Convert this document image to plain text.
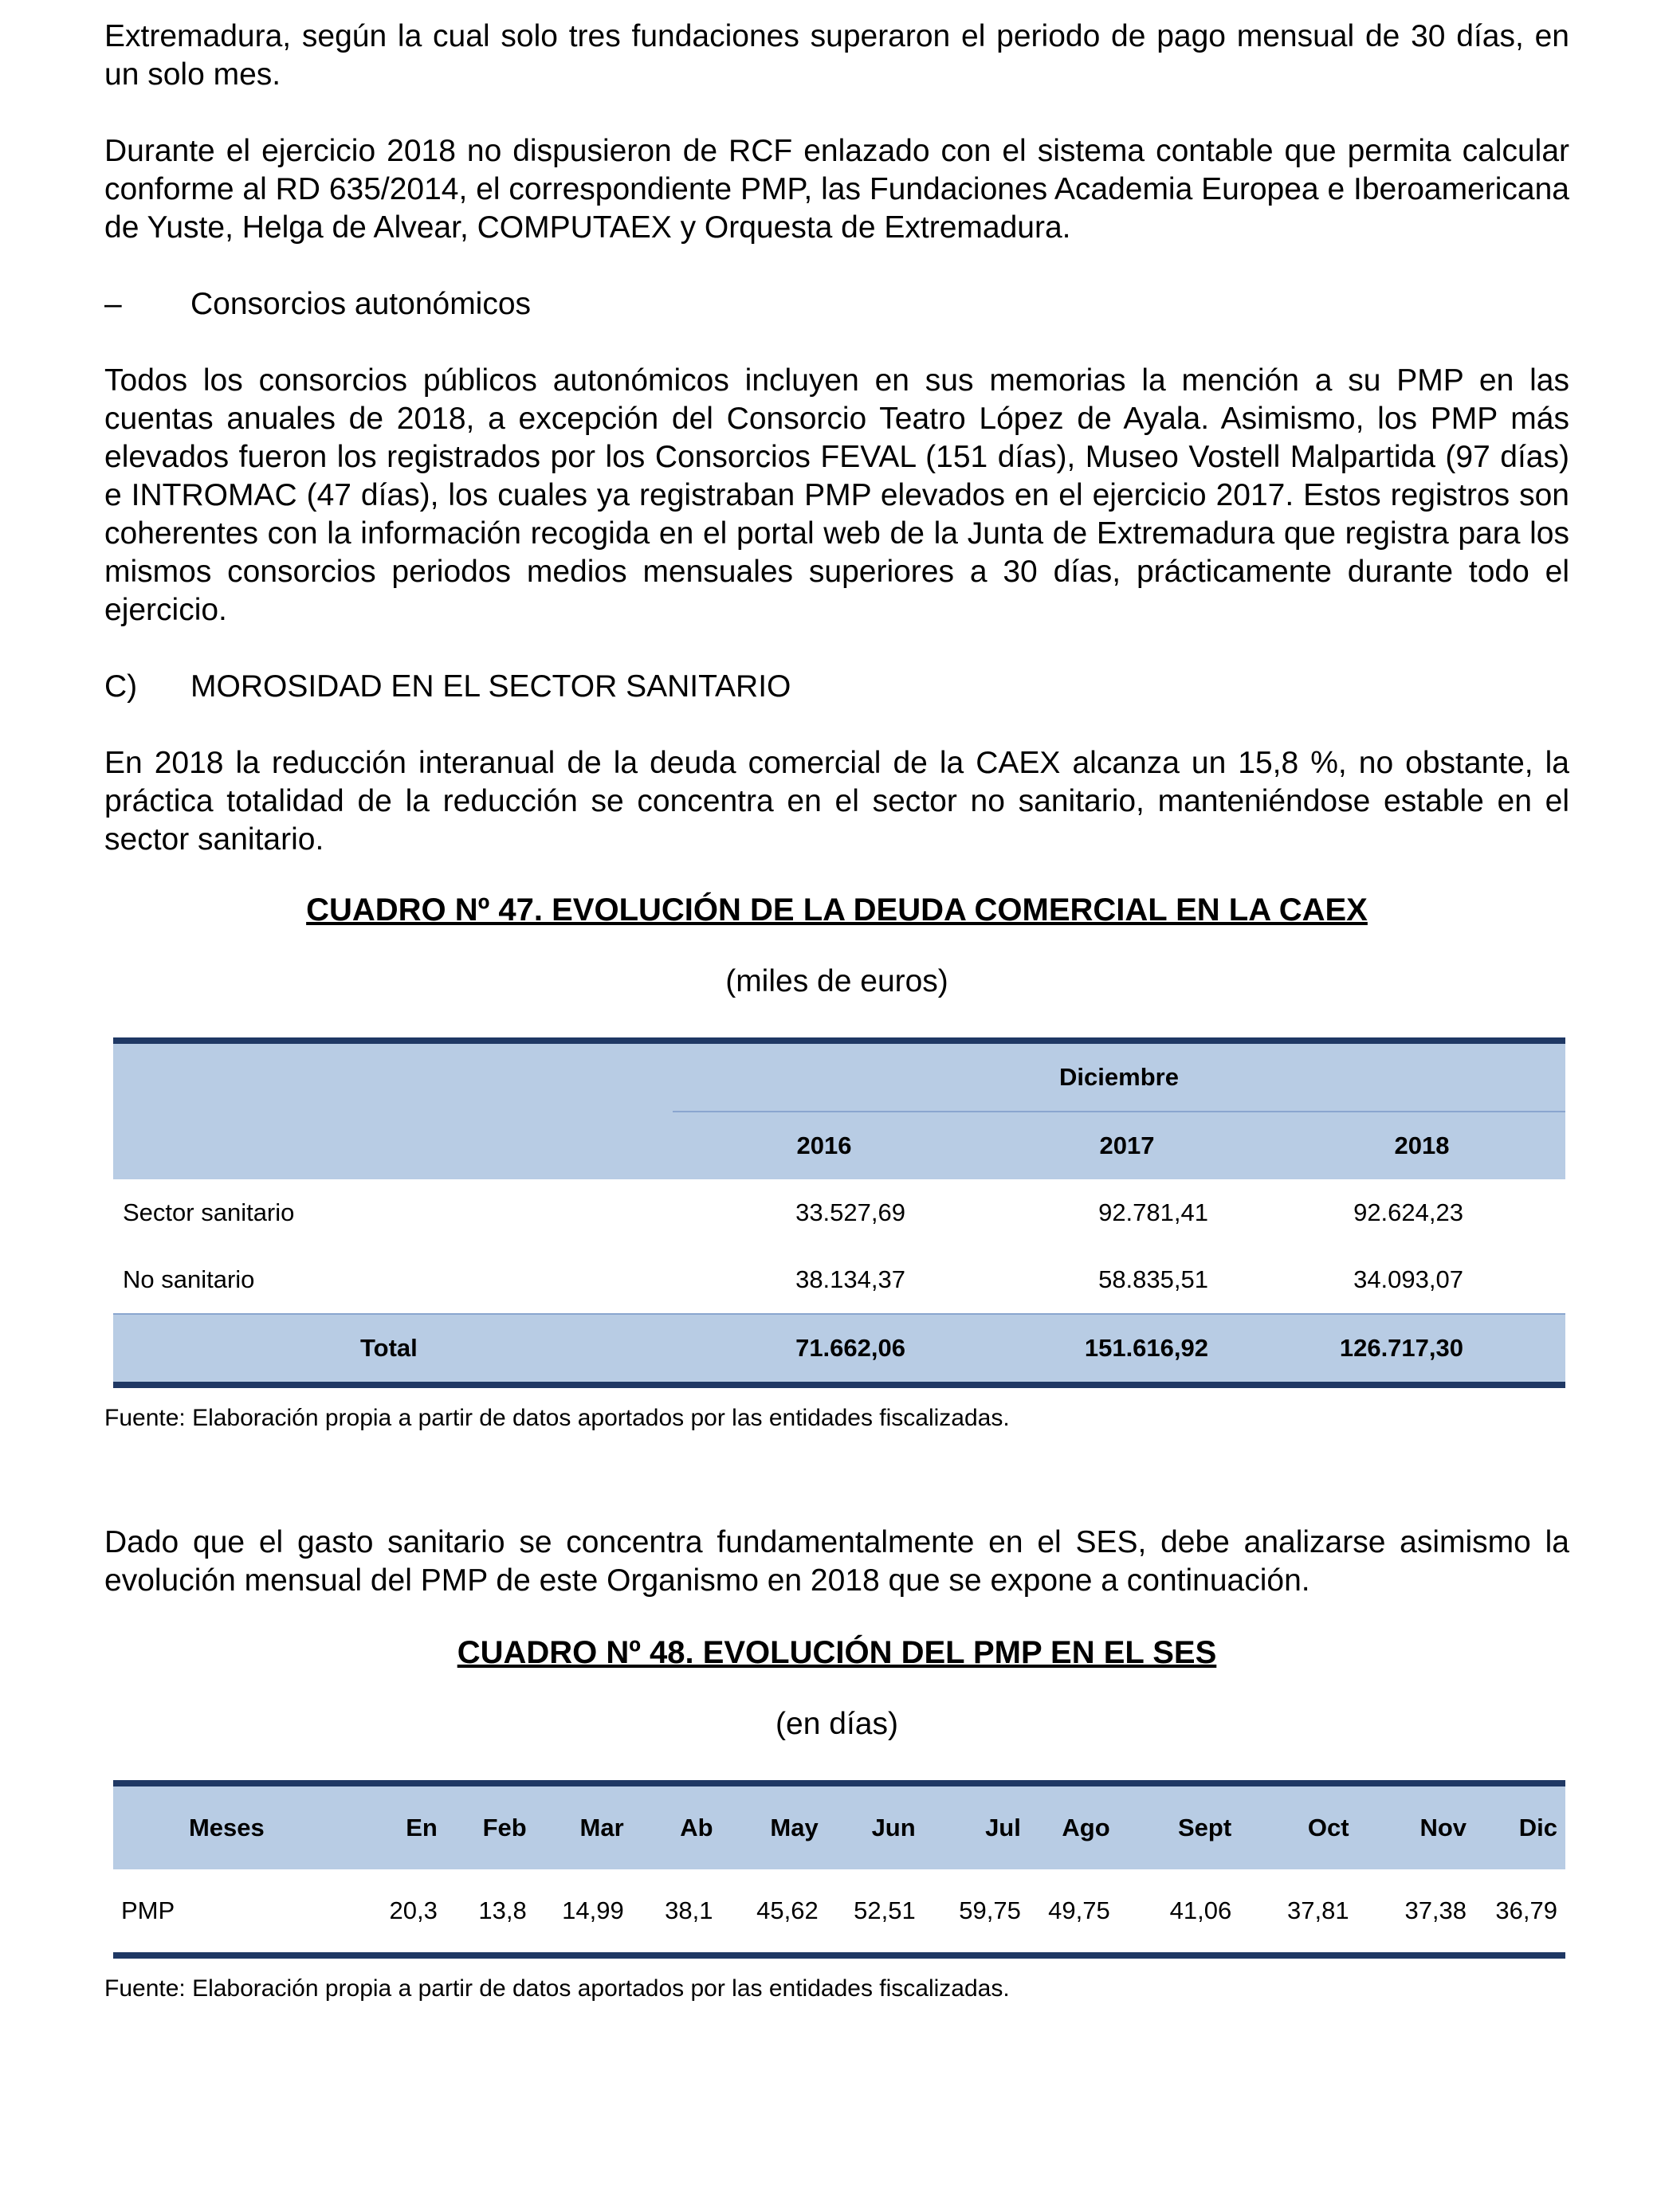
Extremadura, según la cual solo tres fundaciones superaron el periodo de pago mensual de 30 días, en un solo mes.

Durante el ejercicio 2018 no dispusieron de RCF enlazado con el sistema contable que permita calcular conforme al RD 635/2014, el correspondiente PMP, las Fundaciones Academia Europea e Iberoamericana de Yuste, Helga de Alvear, COMPUTAEX y Orquesta de Extremadura.

–	Consorcios autonómicos

Todos los consorcios públicos autonómicos incluyen en sus memorias la mención a su PMP en las cuentas anuales de 2018, a excepción del Consorcio Teatro López de Ayala. Asimismo, los PMP más elevados fueron los registrados por los Consorcios FEVAL (151 días), Museo Vostell Malpartida (97 días) e INTROMAC (47 días), los cuales ya registraban PMP elevados en el ejercicio 2017. Estos registros son coherentes con la información recogida en el portal web de la Junta de Extremadura que registra para los mismos consorcios periodos medios mensuales superiores a 30 días, prácticamente durante todo el ejercicio.

C)	MOROSIDAD EN EL SECTOR SANITARIO

En 2018 la reducción interanual de la deuda comercial de la CAEX alcanza un 15,8 %, no obstante, la práctica totalidad de la reducción se concentra en el sector no sanitario, manteniéndose estable en el sector sanitario.

CUADRO Nº 47. EVOLUCIÓN DE LA DEUDA COMERCIAL EN LA CAEX
(miles de euros)
	Diciembre		
	2016	2017	2018
Sector sanitario	33.527,69	92.781,41	92.624,23
No sanitario	38.134,37	58.835,51	34.093,07
Total	71.662,06	151.616,92	126.717,30
Fuente: Elaboración propia a partir de datos aportados por las entidades fiscalizadas.

Dado que el gasto sanitario se concentra fundamentalmente en el SES, debe analizarse asimismo la evolución mensual del PMP de este Organismo en 2018 que se expone a continuación.

CUADRO Nº 48. EVOLUCIÓN DEL PMP EN EL SES
(en días)
Meses	En	Feb	Mar	Ab	May	Jun	Jul	Ago	Sept	Oct	Nov	Dic
PMP	20,3	13,8	14,99	38,1	45,62	52,51	59,75	49,75	41,06	37,81	37,38	36,79
Fuente: Elaboración propia a partir de datos aportados por las entidades fiscalizadas.
